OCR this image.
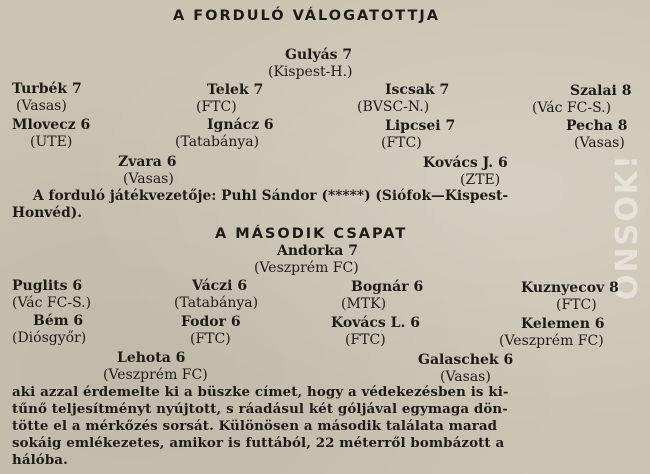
ONSOK!
A FORDULÓ VÁLOGATOTTJA
Gulyás 7
(Kispest-H.)
Turbék 7
(Vasas)
Telek 7
(FTC)
Iscsak 7
(BVSC-N.)
Szalai 8
(Vác FC-S.)
Mlovecz 6
(UTE)
Ignácz 6
(Tatabánya)
Lipcsei 7
(FTC)
Pecha 8
(Vasas)
Zvara 6
(Vasas)
Kovács J. 6
(ZTE)
A forduló játékvezetője: Puhl Sándor (*****) (Siófok—Kispest-
Honvéd).
A MÁSODIK CSAPAT
Andorka 7
(Veszprém FC)
Puglits 6
(Vác FC-S.)
Váczi 6
(Tatabánya)
Bognár 6
(MTK)
Kuznyecov 8
(FTC)
Bém 6
(Diósgyőr)
Fodor 6
(FTC)
Kovács L. 6
(FTC)
Kelemen 6
(Veszprém FC)
Lehota 6
(Veszprém FC)
Galaschek 6
(Vasas)
aki azzal érdemelte ki a büszke címet, hogy a védekezésben is ki-
tűnő teljesítményt nyújtott, s ráadásul két góljával egymaga dön-
tötte el a mérkőzés sorsát. Különösen a második találata marad
sokáig emlékezetes, amikor is futtából, 22 méterről bombázott a
hálóba.
